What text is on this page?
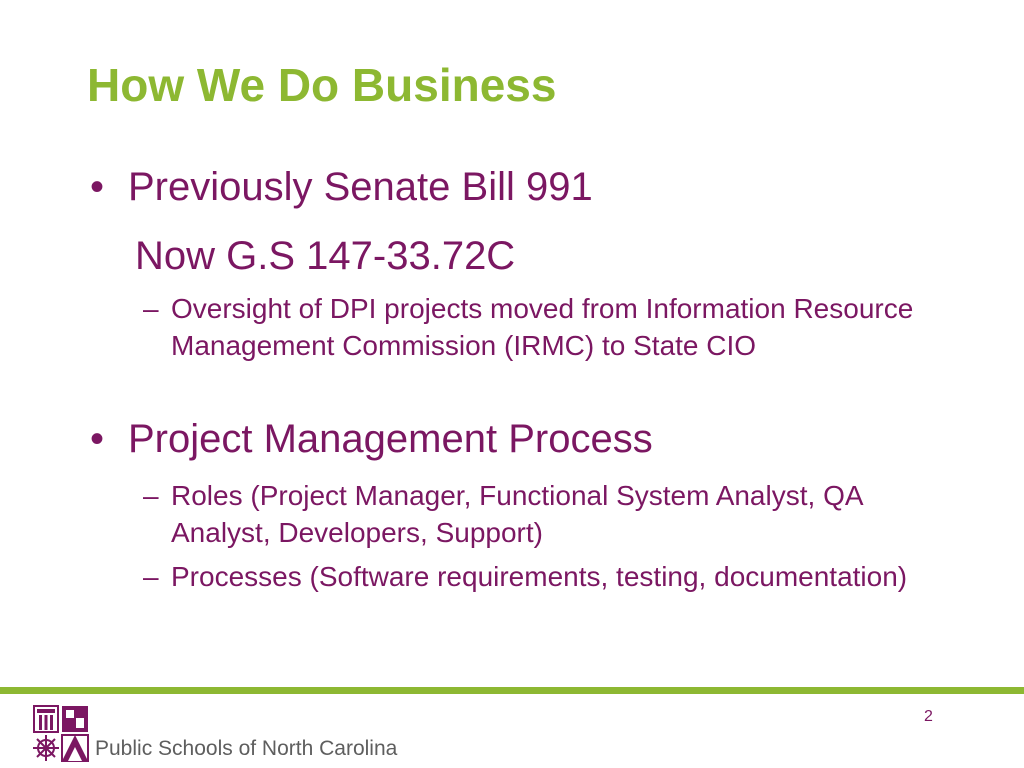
How We Do Business
• Previously Senate Bill 991
Now G.S 147-33.72C
– Oversight of DPI projects moved from Information Resource Management Commission (IRMC) to State CIO
• Project Management Process
– Roles (Project Manager, Functional System Analyst, QA Analyst, Developers, Support)
– Processes (Software requirements, testing, documentation)
Public Schools of North Carolina
2
